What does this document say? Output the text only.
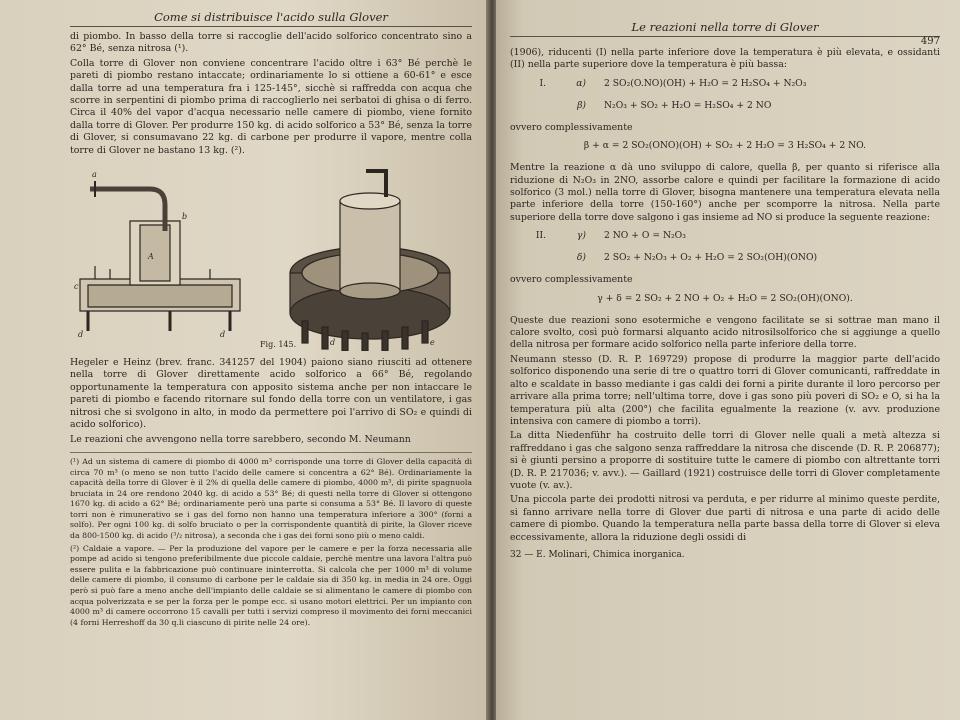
Come si distribuisce l'acido sulla Glover

di piombo. In basso della torre si raccoglie dell'acido solforico concentrato sino a 62° Bé, senza nitrosa (¹).

Colla torre di Glover non conviene concentrare l'acido oltre i 63° Bé perchè le pareti di piombo restano intaccate; ordinariamente lo si ottiene a 60-61° e esce dalla torre ad una temperatura fra i 125-145°, sicchè si raffredda con acqua che scorre in serpentini di piombo prima di raccoglierlo nei serbatoi di ghisa o di ferro. Circa il 40% del vapor d'acqua necessario nelle camere di piombo, viene fornito dalla torre di Glover. Per produrre 150 kg. di acido solforico a 53° Bé, senza la torre di Glover, si consumavano 22 kg. di carbone per produrre il vapore, mentre colla torre di Glover ne bastano 13 kg. (²).

a
b
A
c
d	d
d	e
Fig. 145.

Hegeler e Heinz (brev. franc. 341257 del 1904) paiono siano riusciti ad ottenere nella torre di Glover direttamente acido solforico a 66° Bé, regolando opportunamente la temperatura con apposito sistema anche per non intaccare le pareti di piombo e facendo ritornare sul fondo della torre con un ventilatore, i gas nitrosi che si svolgono in alto, in modo da permettere poi l'arrivo di SO₂ e quindi di acido solforico).

Le reazioni che avvengono nella torre sarebbero, secondo M. Neumann

(¹) Ad un sistema di camere di piombo di 4000 m³ corrisponde una torre di Glover della capacità di circa 70 m³ (o meno se non tutto l'acido delle camere si concentra a 62° Bé). Ordinariamente la capacità della torre di Glover è il 2% di quella delle camere di piombo, 4000 m³, di pirite spagnuola bruciata in 24 ore rendono 2040 kg. di acido a 53° Bé; di questi nella torre di Glover si ottengono 1670 kg. di acido a 62° Bé; ordinariamente però una parte si consuma a 53° Bé. Il lavoro di queste torri non è rimunerativo se i gas del forno non hanno una temperatura inferiore a 300° (forni a solfo). Per ogni 100 kg. di solfo bruciato o per la corrispondente quantità di pirite, la Glover riceve da 800-1500 kg. di acido (³/₂ nitrosa), a seconda che i gas dei forni sono più o meno caldi.

(²) Caldaie a vapore. — Per la produzione del vapore per le camere e per la forza necessaria alle pompe ad acido si tengono preferibilmente due piccole caldaie, perchè mentre una lavora l'altra può essere pulita e la fabbricazione può continuare ininterrotta. Si calcola che per 1000 m³ di volume delle camere di piombo, il consumo di carbone per le caldaie sia di 350 kg. in media in 24 ore. Oggi però si può fare a meno anche dell'impianto delle caldaie se si alimentano le camere di piombo con acqua polverizzata e se per la forza per le pompe ecc. si usano motori elettrici. Per un impianto con 4000 m³ di camere occorrono 15 cavalli per tutti i servizi compreso il movimento dei forni meccanici (4 forni Herreshoff da 30 q.li ciascuno di pirite nelle 24 ore).

Le reazioni nella torre di Glover
497

(1906), riducenti (I) nella parte inferiore dove la temperatura è più elevata, e ossidanti (II) nella parte superiore dove la temperatura è più bassa:

I.	α) 2 SO₂(O.NO)(OH) + H₂O = 2 H₂SO₄ + N₂O₃
β) N₂O₃ + SO₂ + H₂O = H₂SO₄ + 2 NO

ovvero complessivamente

β + α = 2 SO₂(ONO)(OH) + SO₂ + 2 H₂O = 3 H₂SO₄ + 2 NO.

Mentre la reazione α dà uno sviluppo di calore, quella β, per quanto si riferisce alla riduzione di N₂O₃ in 2NO, assorbe calore e quindi per facilitare la formazione di acido solforico (3 mol.) nella torre di Glover, bisogna mantenere una temperatura elevata nella parte inferiore della torre (150-160°) anche per scomporre la nitrosa. Nella parte superiore della torre dove salgono i gas insieme ad NO si produce la seguente reazione:

II.	γ) 2 NO + O = N₂O₃
δ) 2 SO₂ + N₂O₃ + O₂ + H₂O = 2 SO₂(OH)(ONO)

ovvero complessivamente

γ + δ = 2 SO₂ + 2 NO + O₂ + H₂O = 2 SO₂(OH)(ONO).

Queste due reazioni sono esotermiche e vengono facilitate se si sottrae man mano il calore svolto, così può formarsi alquanto acido nitrosilsolforico che si aggiunge a quello della nitrosa per formare acido solforico nella parte inferiore della torre.

Neumann stesso (D. R. P. 169729) propose di produrre la maggior parte dell'acido solforico disponendo una serie di tre o quattro torri di Glover comunicanti, raffreddate in alto e scaldate in basso mediante i gas caldi dei forni a pirite durante il loro percorso per arrivare alla prima torre; nell'ultima torre, dove i gas sono più poveri di SO₂ e O, si ha la temperatura più alta (200°) che facilita egualmente la reazione (v. avv. produzione intensiva con camere di piombo a torri).

La ditta Niedenführ ha costruito delle torri di Glover nelle quali a metà altezza si raffreddano i gas che salgono senza raffreddare la nitrosa che discende (D. R. P. 206877); si è giunti persino a proporre di sostituire tutte le camere di piombo con altrettante torri (D. R. P. 217036; v. avv.). — Gaillard (1921) costruisce delle torri di Glover completamente vuote (v. av.).

Una piccola parte dei prodotti nitrosi va perduta, e per ridurre al minimo queste perdite, si fanno arrivare nella torre di Glover due parti di nitrosa e una parte di acido delle camere di piombo. Quando la temperatura nella parte bassa della torre di Glover si eleva eccessivamente, allora la riduzione degli ossidi di

32 — E. Molinari, Chimica inorganica.
